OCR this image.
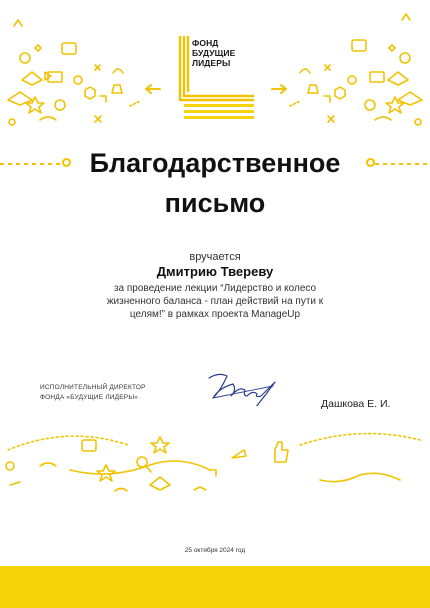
ФОНД
БУДУЩИЕ
ЛИДЕРЫ
Благодарственное
письмо
вручается
Дмитрию Твереву
за проведение лекции “Лидерство и колесо жизненного баланса - план действий на пути к целям!” в рамках проекта ManageUp
ИСПОЛНИТЕЛЬНЫЙ ДИРЕКТОР
ФОНДА «БУДУЩИЕ ЛИДЕРЫ»
Дашкова Е. И.
25 октября 2024 год
